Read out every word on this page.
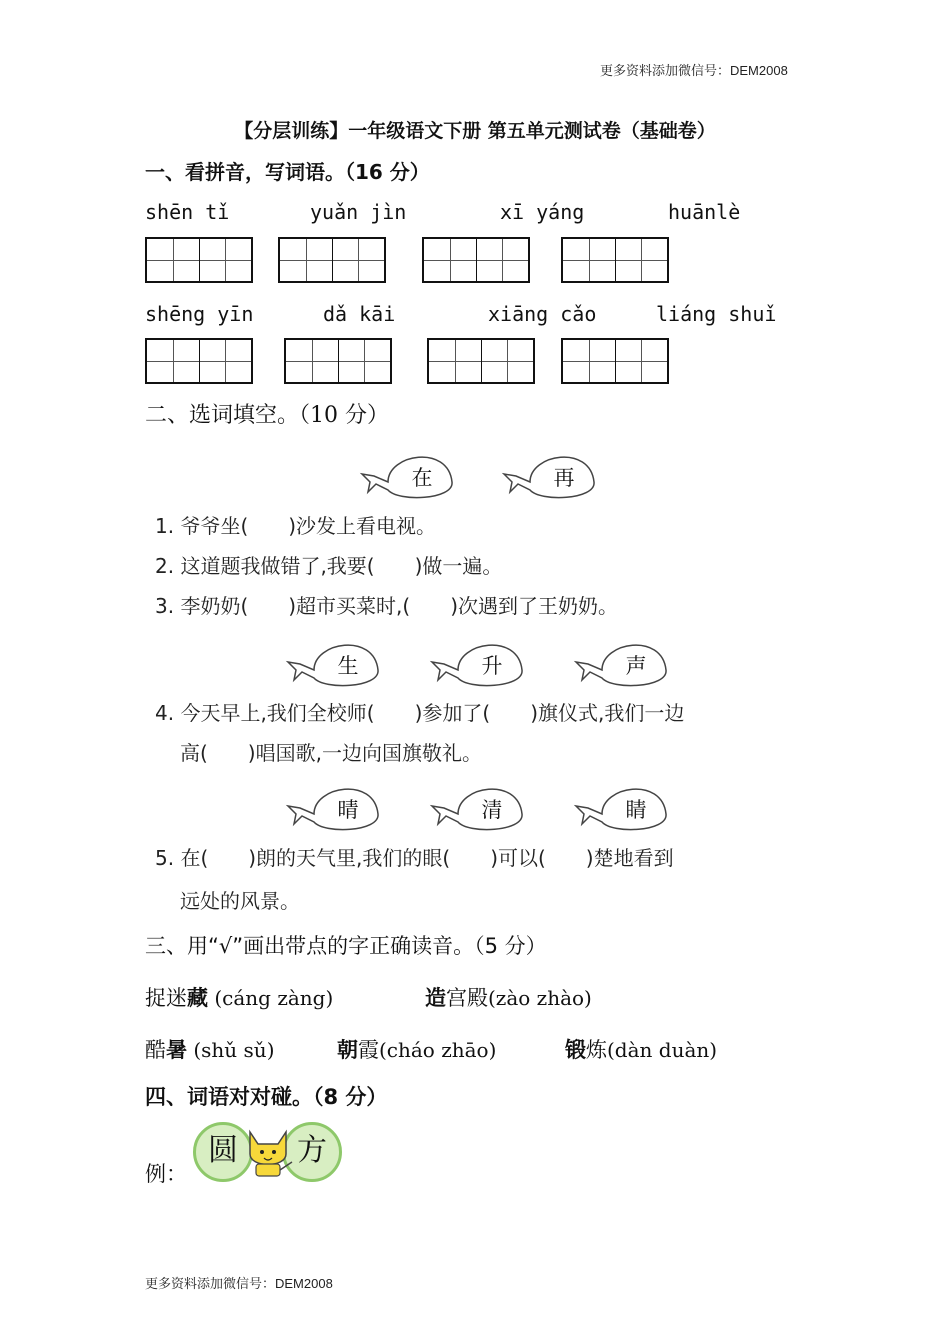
更多资料添加微信号：DEM2008
【分层训练】一年级语文下册 第五单元测试卷（基础卷）
一、看拼音，写词语。（16 分）
shēn tǐ	yuǎn jìn	xī yáng	huānlè
shēng yīn	dǎ kāi	xiāng cǎo	liáng shuǐ
二、选词填空。（10 分）
在	再
1. 爷爷坐(　　)沙发上看电视。
2. 这道题我做错了,我要(　　)做一遍。
3. 李奶奶(　　)超市买菜时,(　　)次遇到了王奶奶。
生	升	声
4. 今天早上,我们全校师(　　)参加了(　　)旗仪式,我们一边
高(　　)唱国歌,一边向国旗敬礼。
晴	清	睛
5. 在(　　)朗的天气里,我们的眼(　　)可以(　　)楚地看到
远处的风景。
三、用“√”画出带点的字正确读音。（5 分）
捉迷藏 (cáng zàng)	造宫殿(zào zhào)
酷暑 (shǔ sǔ)	朝霞(cháo zhāo)	锻炼(dàn duàn)
四、词语对对碰。（8 分）
例：
圆	方
更多资料添加微信号：DEM2008
